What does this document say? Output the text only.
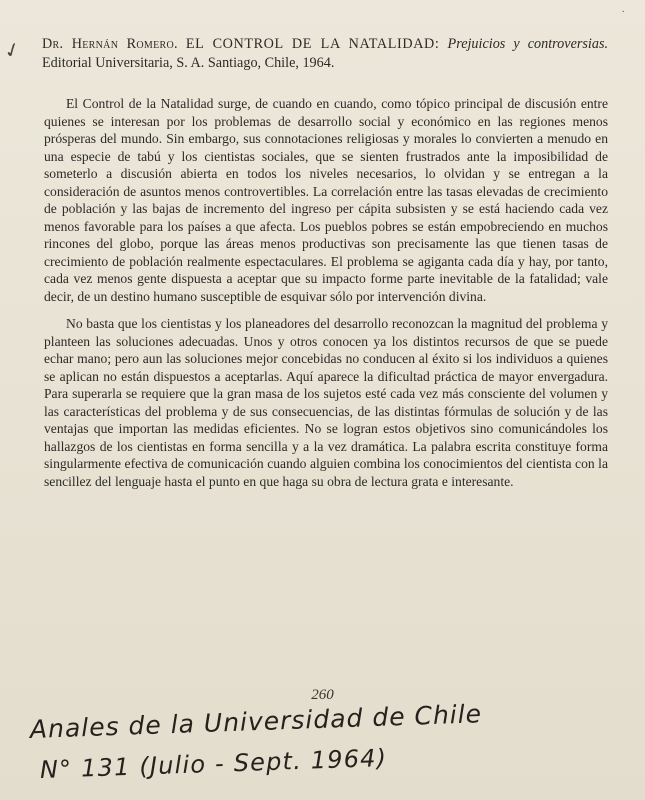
·
✓ Dr. Hernán Romero. EL CONTROL DE LA NATALIDAD: Prejuicios y controversias. Editorial Universitaria, S. A. Santiago, Chile, 1964.

El Control de la Natalidad surge, de cuando en cuando, como tópico principal de discusión entre quienes se interesan por los problemas de desarrollo social y económico en las regiones menos prósperas del mundo. Sin embargo, sus connotaciones religiosas y morales lo convierten a menudo en una especie de tabú y los cientistas sociales, que se sienten frustrados ante la imposibilidad de someterlo a discusión abierta en todos los niveles necesarios, lo olvidan y se entregan a la consideración de asuntos menos controvertibles. La correlación entre las tasas elevadas de crecimiento de población y las bajas de incremento del ingreso per cápita subsisten y se está haciendo cada vez menos favorable para los países a que afecta. Los pueblos pobres se están empobreciendo en muchos rincones del globo, porque las áreas menos productivas son precisamente las que tienen tasas de crecimiento de población realmente espectaculares. El problema se agiganta cada día y hay, por tanto, cada vez menos gente dispuesta a aceptar que su impacto forme parte inevitable de la fatalidad; vale decir, de un destino humano susceptible de esquivar sólo por intervención divina.

No basta que los cientistas y los planeadores del desarrollo reconozcan la magnitud del problema y planteen las soluciones adecuadas. Unos y otros conocen ya los distintos recursos de que se puede echar mano; pero aun las soluciones mejor concebidas no conducen al éxito si los individuos a quienes se aplican no están dispuestos a aceptarlas. Aquí aparece la dificultad práctica de mayor envergadura. Para superarla se requiere que la gran masa de los sujetos esté cada vez más consciente del volumen y las características del problema y de sus consecuencias, de las distintas fórmulas de solución y de las ventajas que importan las medidas eficientes. No se logran estos objetivos sino comunicándoles los hallazgos de los cientistas en forma sencilla y a la vez dramática. La palabra escrita constituye forma singularmente efectiva de comunicación cuando alguien combina los conocimientos del cientista con la sencillez del lenguaje hasta el punto en que haga su obra de lectura grata e interesante.

260
Anales de la Universidad de Chile
N° 131 (Julio - Sept. 1964)
